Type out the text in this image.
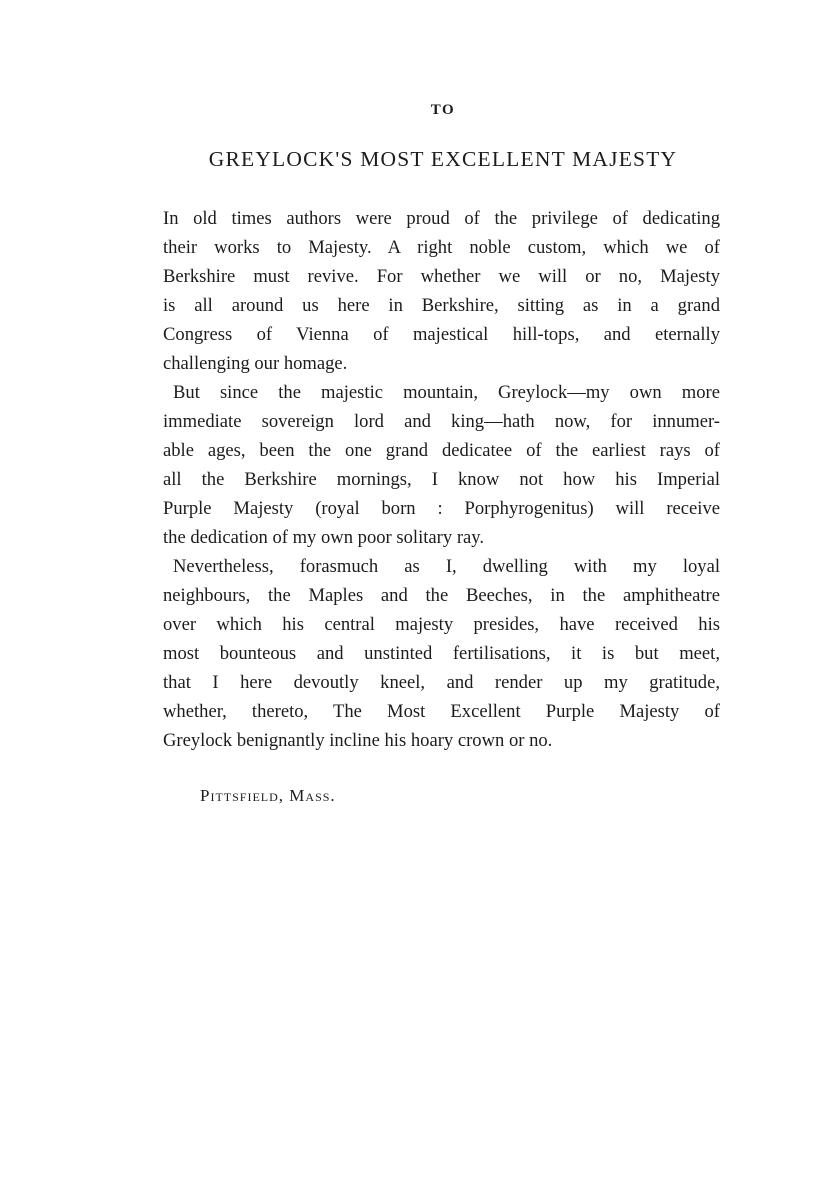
TO
GREYLOCK'S MOST EXCELLENT MAJESTY
In old times authors were proud of the privilege of dedicating
their works to Majesty. A right noble custom, which we of
Berkshire must revive. For whether we will or no, Majesty
is all around us here in Berkshire, sitting as in a grand
Congress of Vienna of majestical hill-tops, and eternally
challenging our homage.
But since the majestic mountain, Greylock—my own more
immediate sovereign lord and king—hath now, for innumer-
able ages, been the one grand dedicatee of the earliest rays of
all the Berkshire mornings, I know not how his Imperial
Purple Majesty (royal born : Porphyrogenitus) will receive
the dedication of my own poor solitary ray.
Nevertheless, forasmuch as I, dwelling with my loyal
neighbours, the Maples and the Beeches, in the amphitheatre
over which his central majesty presides, have received his
most bounteous and unstinted fertilisations, it is but meet,
that I here devoutly kneel, and render up my gratitude,
whether, thereto, The Most Excellent Purple Majesty of
Greylock benignantly incline his hoary crown or no.
Pittsfield, Mass.
